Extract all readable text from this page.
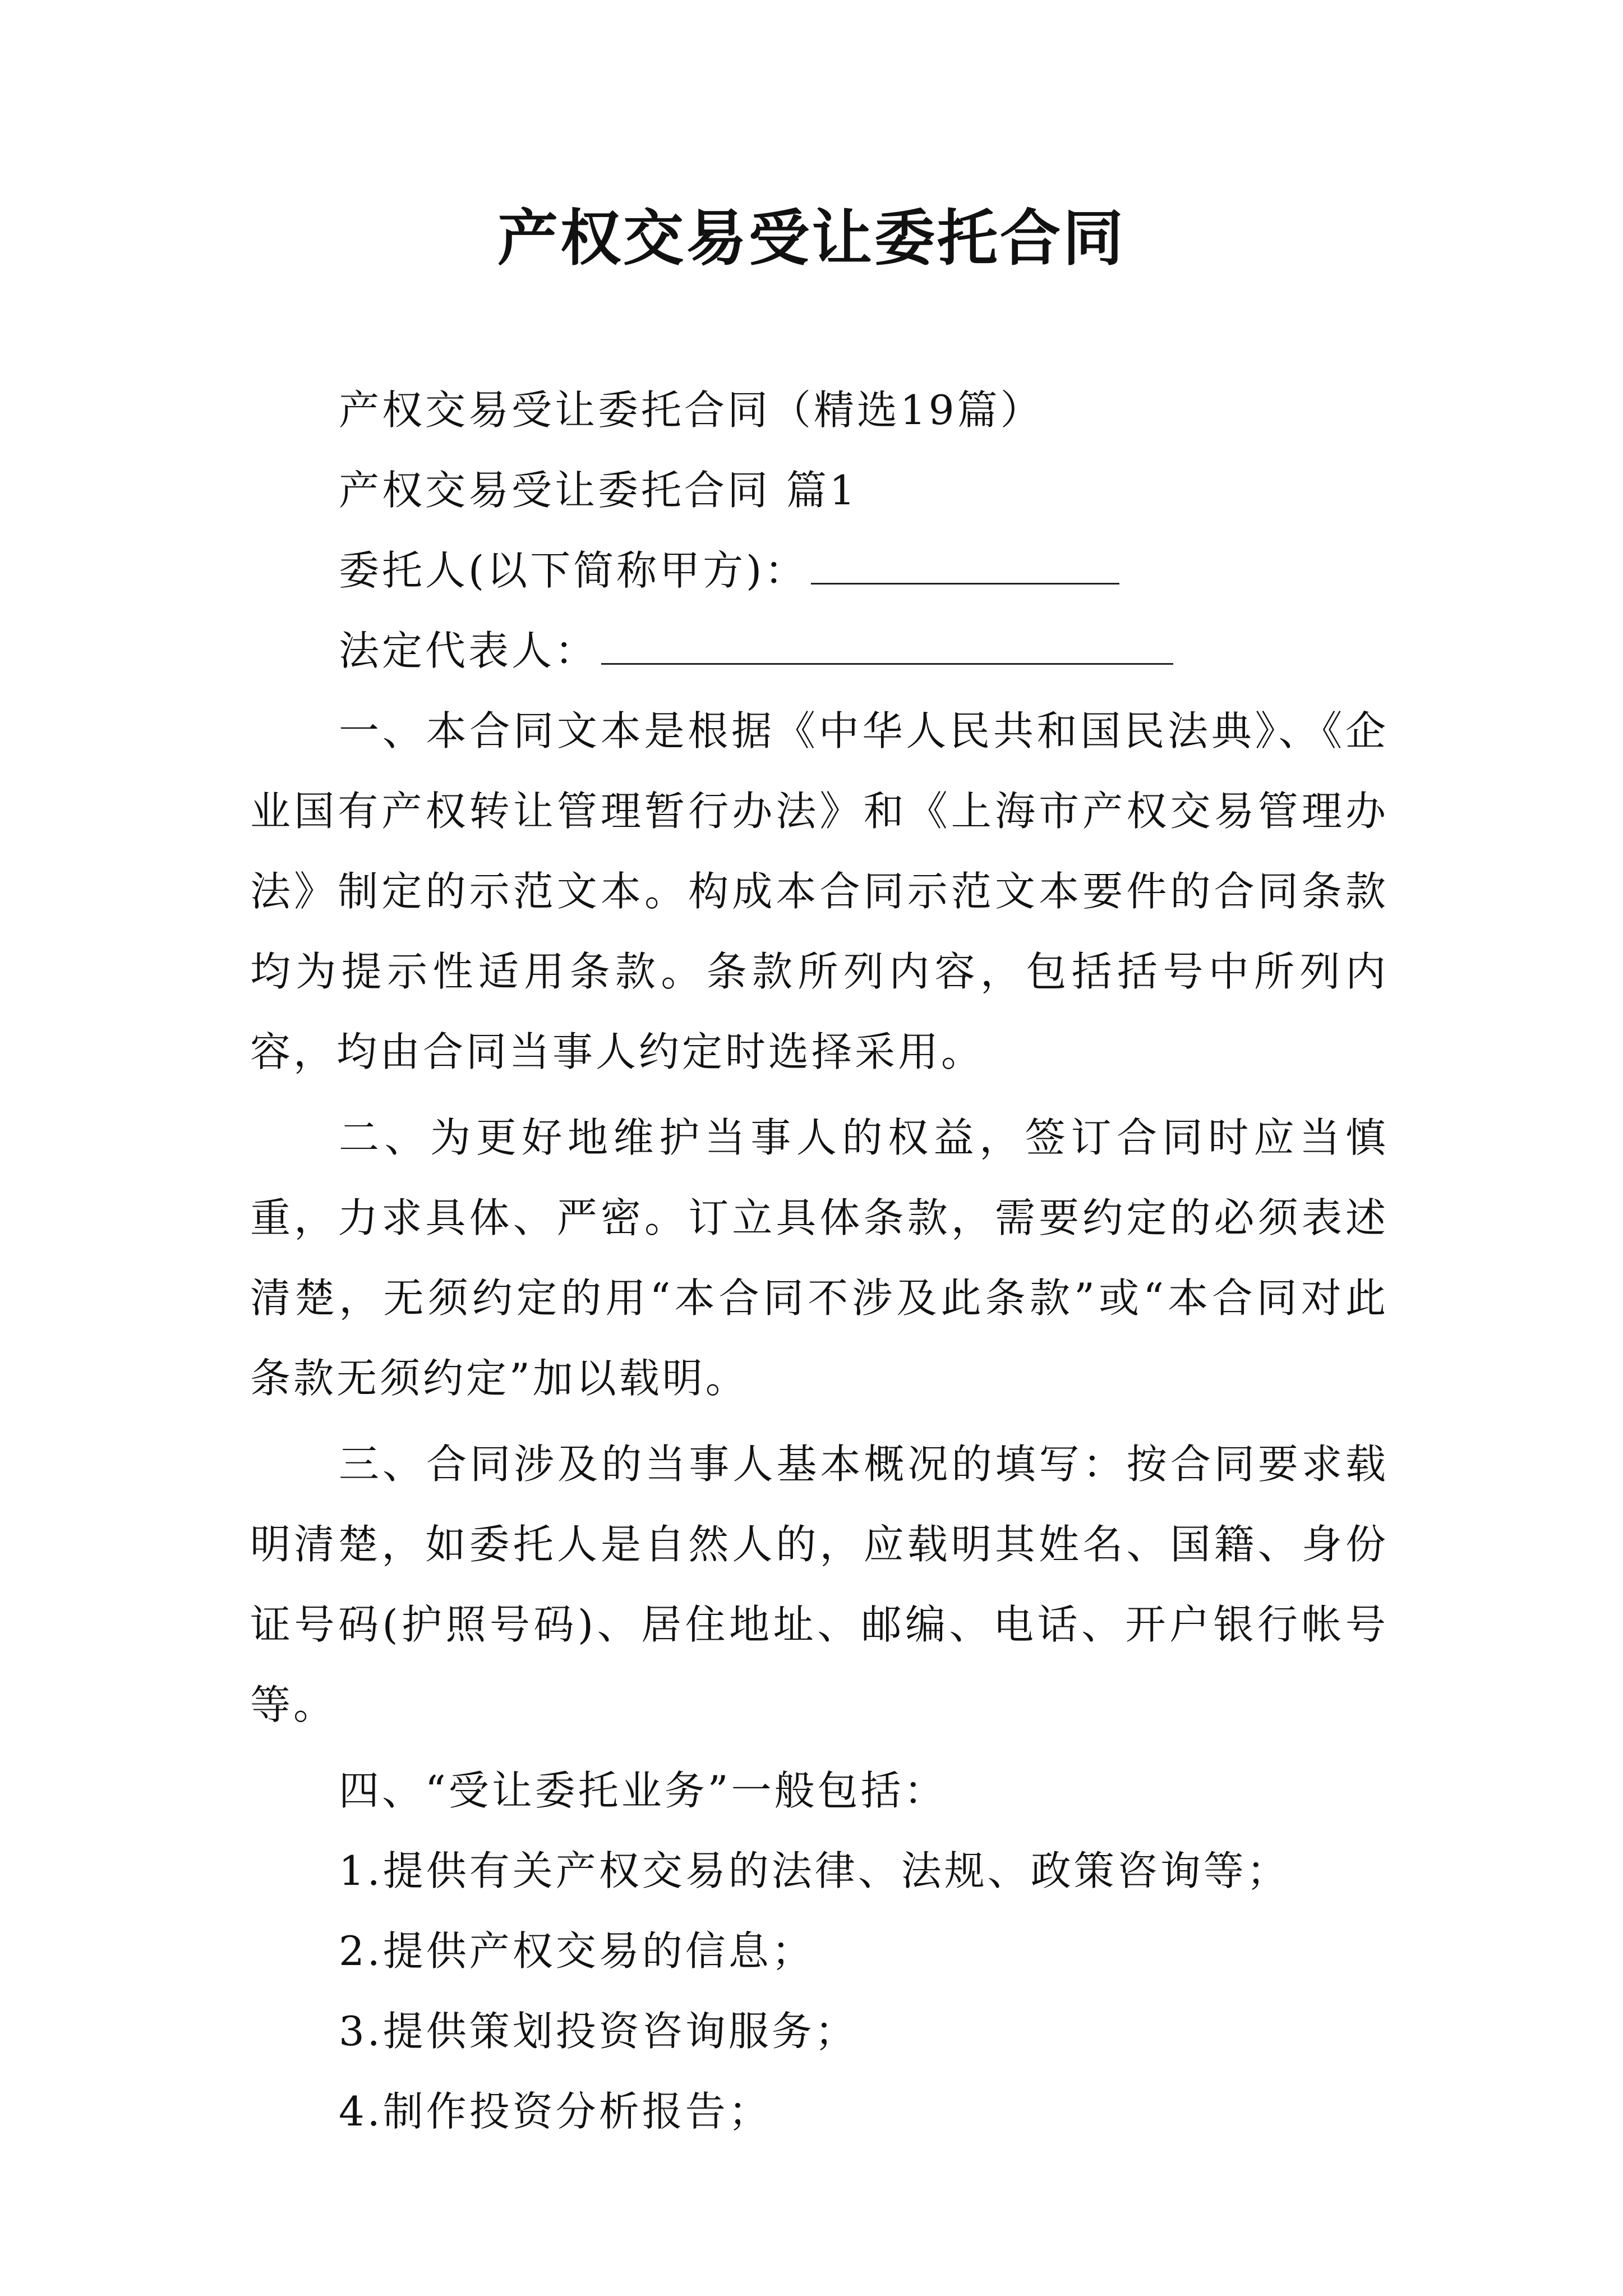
产权交易受让委托合同

产权交易受让委托合同（精选19篇）

产权交易受让委托合同 篇1

委托人(以下简称甲方)：

法定代表人：

一、本合同文本是根据《中华人民共和国民法典》、《企业国有产权转让管理暂行办法》和《上海市产权交易管理办法》制定的示范文本。构成本合同示范文本要件的合同条款均为提示性适用条款。条款所列内容，包括括号中所列内容，均由合同当事人约定时选择采用。

二、为更好地维护当事人的权益，签订合同时应当慎重，力求具体、严密。订立具体条款，需要约定的必须表述清楚，无须约定的用“本合同不涉及此条款”或“本合同对此条款无须约定”加以载明。

三、合同涉及的当事人基本概况的填写：按合同要求载明清楚，如委托人是自然人的，应载明其姓名、国籍、身份证号码(护照号码)、居住地址、邮编、电话、开户银行帐号等。

四、“受让委托业务”一般包括：

1.提供有关产权交易的法律、法规、政策咨询等；

2.提供产权交易的信息；

3.提供策划投资咨询服务；

4.制作投资分析报告；
